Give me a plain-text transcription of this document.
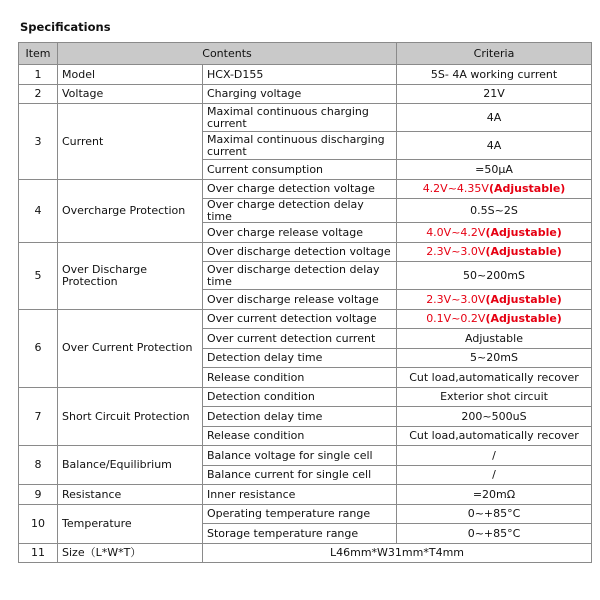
Specifications
Item	Contents		Criteria
1	Model	HCX-D155	5S- 4A working current
2	Voltage	Charging voltage	21V
3	Current	Maximal continuous charging current	4A
		Maximal continuous discharging current	4A
		Current consumption	=50μA
4	Overcharge Protection	Over charge detection voltage	4.2V~4.35V(Adjustable)
		Over charge detection delay time	0.5S~2S
		Over charge release voltage	4.0V~4.2V(Adjustable)
5	Over Discharge Protection	Over discharge detection voltage	2.3V~3.0V(Adjustable)
		Over discharge detection delay time	50~200mS
		Over discharge release voltage	2.3V~3.0V(Adjustable)
6	Over Current Protection	Over current detection voltage	0.1V~0.2V(Adjustable)
		Over current detection current	Adjustable
		Detection delay time	5~20mS
		Release condition	Cut load,automatically recover
7	Short Circuit Protection	Detection condition	Exterior shot circuit
		Detection delay time	200~500uS
		Release condition	Cut load,automatically recover
8	Balance/Equilibrium	Balance voltage for single cell	/
		Balance current for single cell	/
9	Resistance	Inner resistance	=20mΩ
10	Temperature	Operating temperature range	0~+85°C
		Storage temperature range	0~+85°C
11	Size（L*W*T）	L46mm*W31mm*T4mm	
